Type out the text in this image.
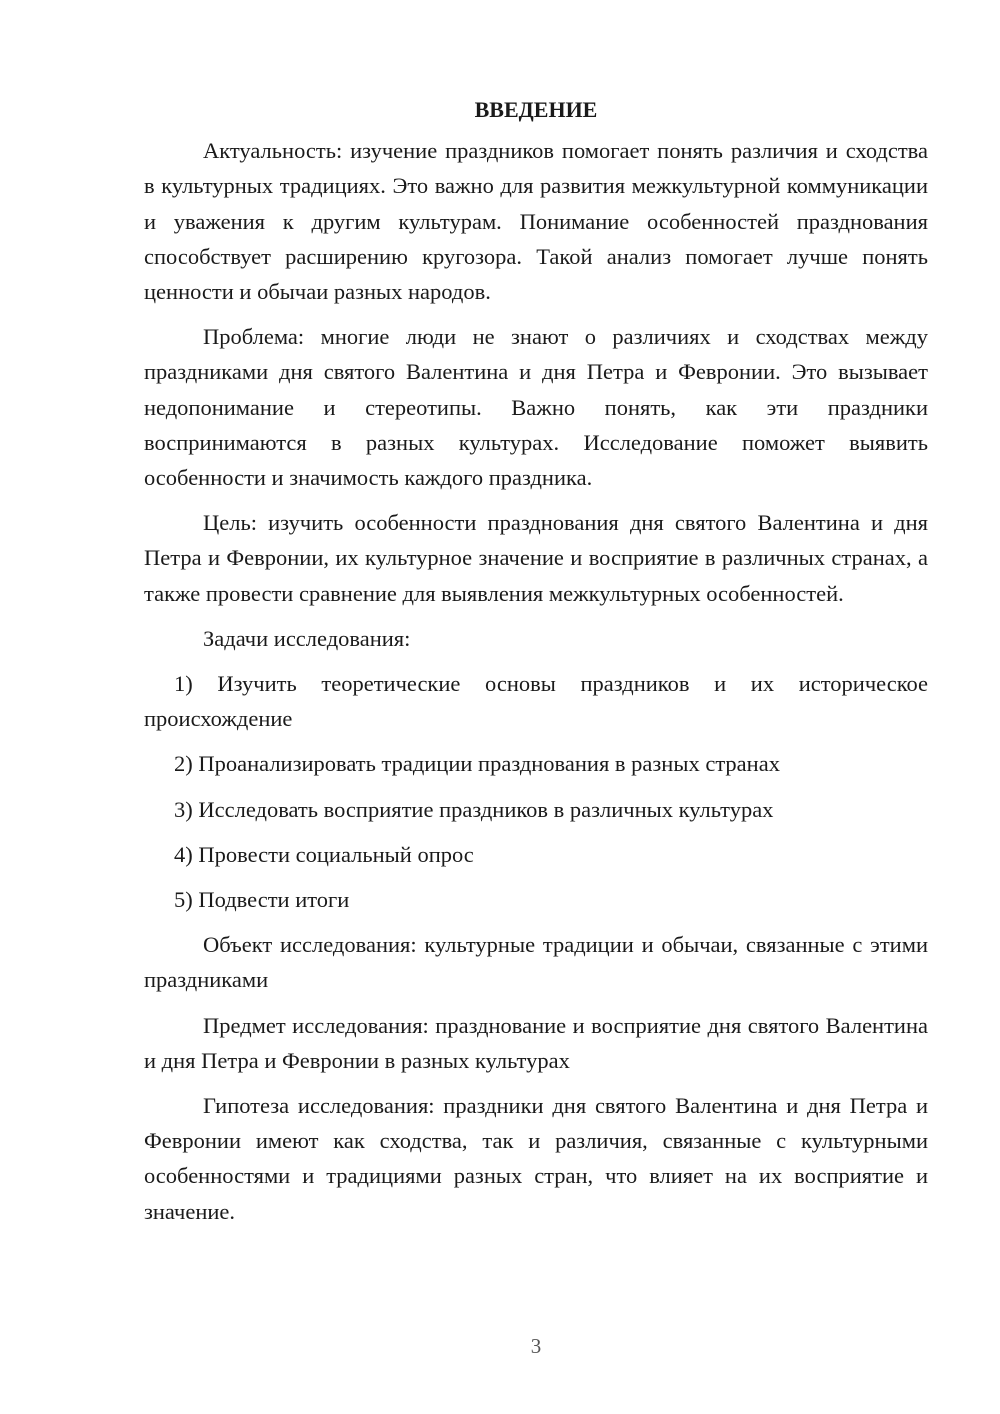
ВВЕДЕНИЕ

Актуальность: изучение праздников помогает понять различия и сходства в культурных традициях. Это важно для развития межкультурной коммуникации и уважения к другим культурам. Понимание особенностей празднования способствует расширению кругозора. Такой анализ помогает лучше понять ценности и обычаи разных народов.

Проблема: многие люди не знают о различиях и сходствах между праздниками дня святого Валентина и дня Петра и Февронии. Это вызывает недопонимание и стереотипы. Важно понять, как эти праздники воспринимаются в разных культурах. Исследование поможет выявить особенности и значимость каждого праздника.

Цель: изучить особенности празднования дня святого Валентина и дня Петра и Февронии, их культурное значение и восприятие в различных странах, а также провести сравнение для выявления межкультурных особенностей.

Задачи исследования:

1) Изучить теоретические основы праздников и их историческое происхождение

2) Проанализировать традиции празднования в разных странах

3) Исследовать восприятие праздников в различных культурах

4) Провести социальный опрос

5) Подвести итоги

Объект исследования: культурные традиции и обычаи, связанные с этими праздниками

Предмет исследования: празднование и восприятие дня святого Валентина и дня Петра и Февронии в разных культурах

Гипотеза исследования: праздники дня святого Валентина и дня Петра и Февронии имеют как сходства, так и различия, связанные с культурными особенностями и традициями разных стран, что влияет на их восприятие и значение.

3
